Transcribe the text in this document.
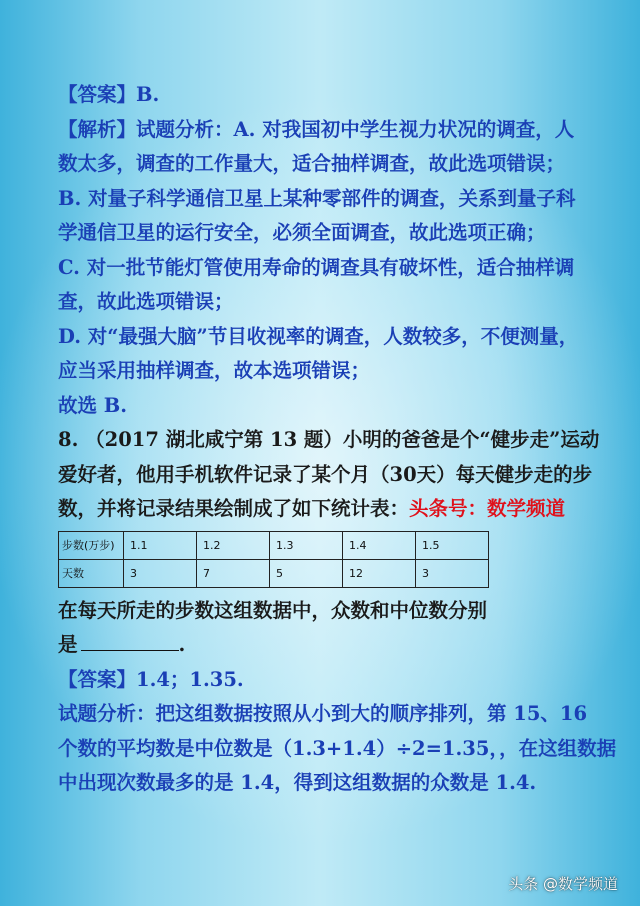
【答案】B.
【解析】试题分析：A. 对我国初中学生视力状况的调查，人
数太多，调查的工作量大，适合抽样调查，故此选项错误；
B. 对量子科学通信卫星上某种零部件的调查，关系到量子科
学通信卫星的运行安全，必须全面调查，故此选项正确；
C. 对一批节能灯管使用寿命的调查具有破坏性，适合抽样调
查，故此选项错误；
D. 对“最强大脑”节目收视率的调查，人数较多，不便测量，
应当采用抽样调查，故本选项错误；
故选 B.
8. （2017 湖北咸宁第 13 题）小明的爸爸是个“健步走”运动
爱好者，他用手机软件记录了某个月（30天）每天健步走的步
数，并将记录结果绘制成了如下统计表：头条号：数学频道
步数(万步)	1.1	1.2	1.3	1.4	1.5
天数	3	7	5	12	3
在每天所走的步数这组数据中，众数和中位数分别
是	.
【答案】1.4；1.35.
试题分析：把这组数据按照从小到大的顺序排列，第 15、16
个数的平均数是中位数是（1.3+1.4）÷2=1.35，，在这组数据
中出现次数最多的是 1.4，得到这组数据的众数是 1.4.
头条 @数学频道
